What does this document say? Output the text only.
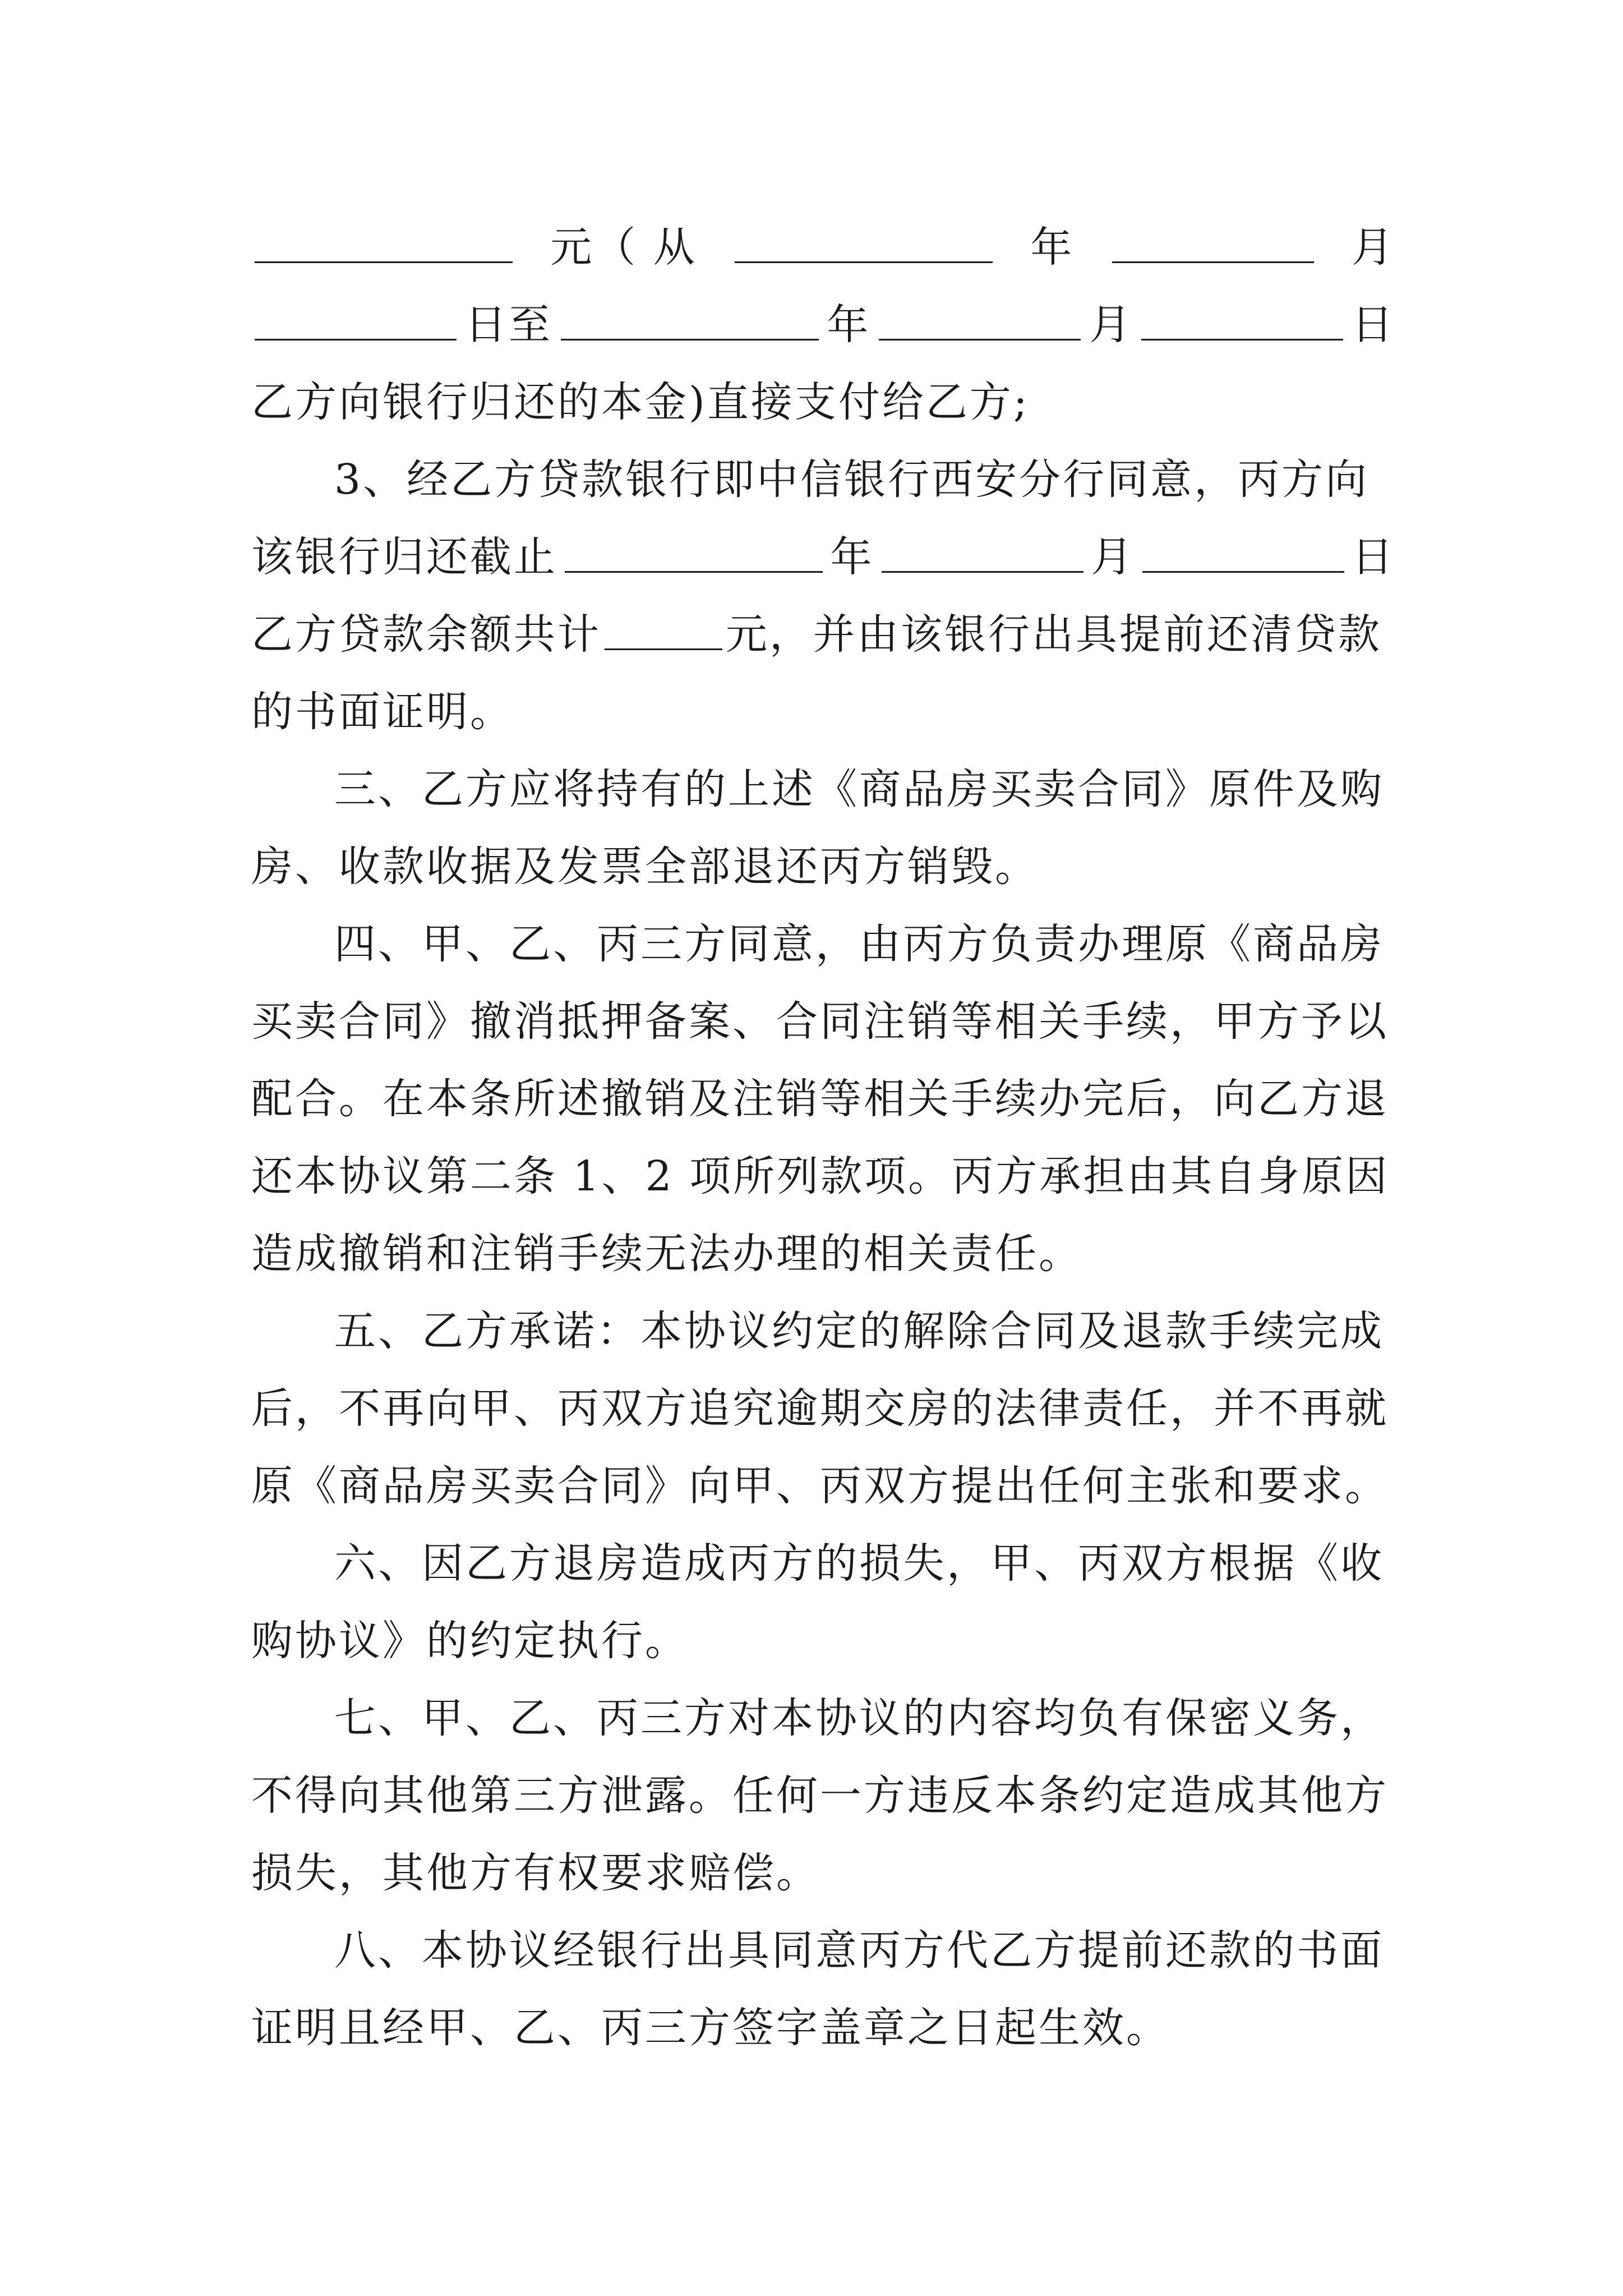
元（ 从	年	月
日至	年	月	日
乙方向银行归还的本金)直接支付给乙方;
3、经乙方贷款银行即中信银行西安分行同意，丙方向
该银行归还截止	年	月	日
乙方贷款余额共计	元，并由该银行出具提前还清贷款
的书面证明。
三、乙方应将持有的上述《商品房买卖合同》原件及购
房、收款收据及发票全部退还丙方销毁。
四、甲、乙、丙三方同意，由丙方负责办理原《商品房
买卖合同》撤消抵押备案、合同注销等相关手续，甲方予以
配合。在本条所述撤销及注销等相关手续办完后，向乙方退
还本协议第二条 1、2 项所列款项。丙方承担由其自身原因
造成撤销和注销手续无法办理的相关责任。
五、乙方承诺：本协议约定的解除合同及退款手续完成
后，不再向甲、丙双方追究逾期交房的法律责任，并不再就
原《商品房买卖合同》向甲、丙双方提出任何主张和要求。
六、因乙方退房造成丙方的损失，甲、丙双方根据《收
购协议》的约定执行。
七、甲、乙、丙三方对本协议的内容均负有保密义务，
不得向其他第三方泄露。任何一方违反本条约定造成其他方
损失，其他方有权要求赔偿。
八、本协议经银行出具同意丙方代乙方提前还款的书面
证明且经甲、乙、丙三方签字盖章之日起生效。
